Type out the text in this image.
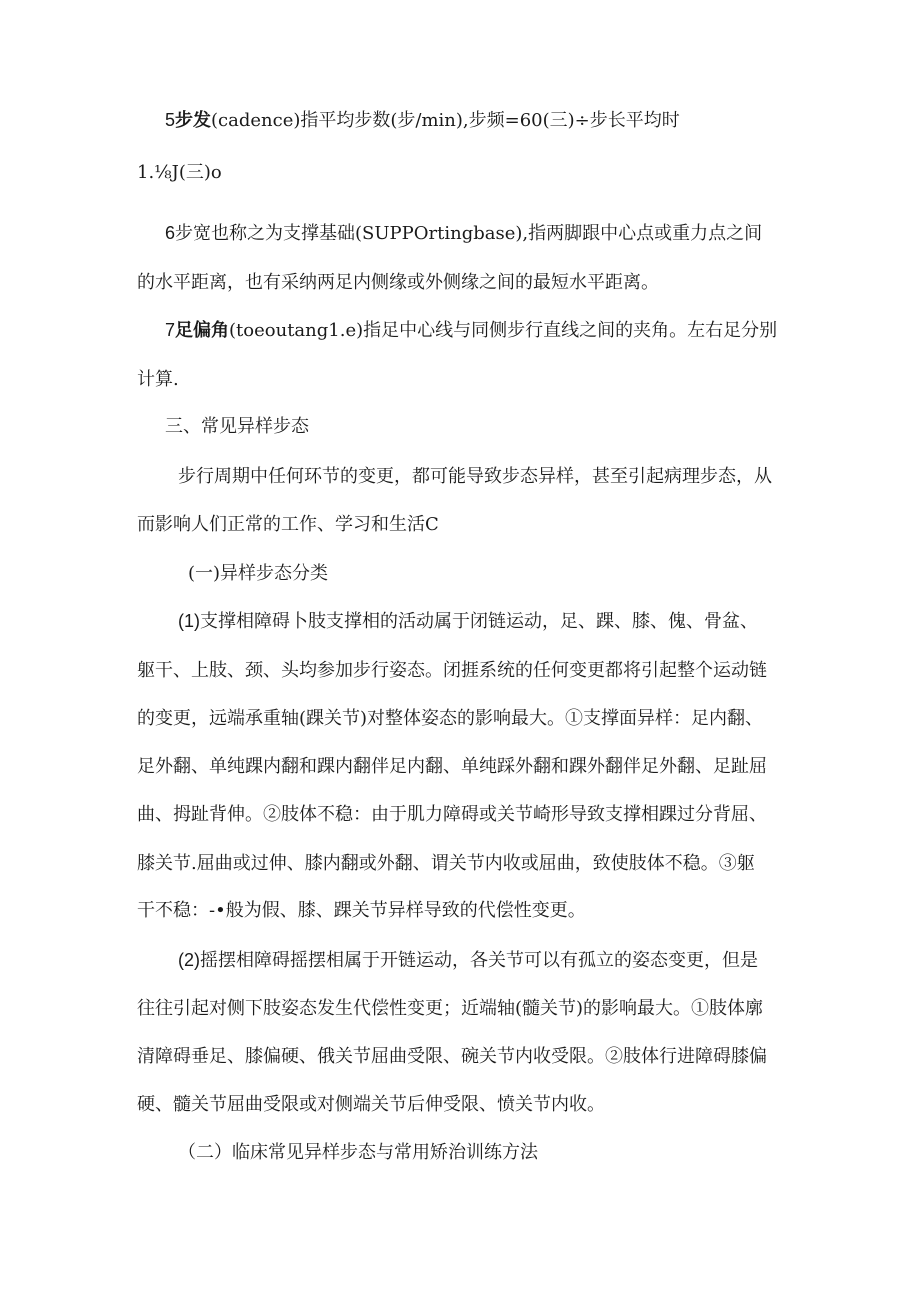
5步发(cadence)指平均步数(步/min),步频=60(三)÷步长平均时
1.⅛J(三)o
6步宽也称之为支撑基础(SUPPOrtingbase),指两脚跟中心点或重力点之间
的水平距离，也有采纳两足内侧缘或外侧缘之间的最短水平距离。
7足偏角(toeoutang1.e)指足中心线与同侧步行直线之间的夹角。左右足分别
计算.
三、常见异样步态
步行周期中任何环节的变更，都可能导致步态异样，甚至引起病理步态，从
而影响人们正常的工作、学习和生活C
(一)异样步态分类
(1)支撑相障碍卜肢支撑相的活动属于闭链运动，足、踝、膝、傀、骨盆、
躯干、上肢、颈、头均参加步行姿态。闭捱系统的任何变更都将引起整个运动链
的变更，远端承重轴(踝关节)对整体姿态的影响最大。①支撑面异样：足内翻、
足外翻、单纯踝内翻和踝内翻伴足内翻、单纯踩外翻和踝外翻伴足外翻、足趾屈
曲、拇趾背伸。②肢体不稳：由于肌力障碍或关节崎形导致支撑相踝过分背屈、
膝关节.屈曲或过伸、膝内翻或外翻、谓关节内收或屈曲，致使肢体不稳。③躯
干不稳：-•般为假、膝、踝关节异样导致的代偿性变更。
(2)摇摆相障碍摇摆相属于开链运动，各关节可以有孤立的姿态变更，但是
往往引起对侧下肢姿态发生代偿性变更；近端轴(髓关节)的影响最大。①肢体廓
清障碍垂足、膝偏硬、俄关节屈曲受限、碗关节内收受限。②肢体行进障碍膝偏
硬、髓关节屈曲受限或对侧端关节后伸受限、愤关节内收。
（二）临床常见异样步态与常用矫治训练方法
